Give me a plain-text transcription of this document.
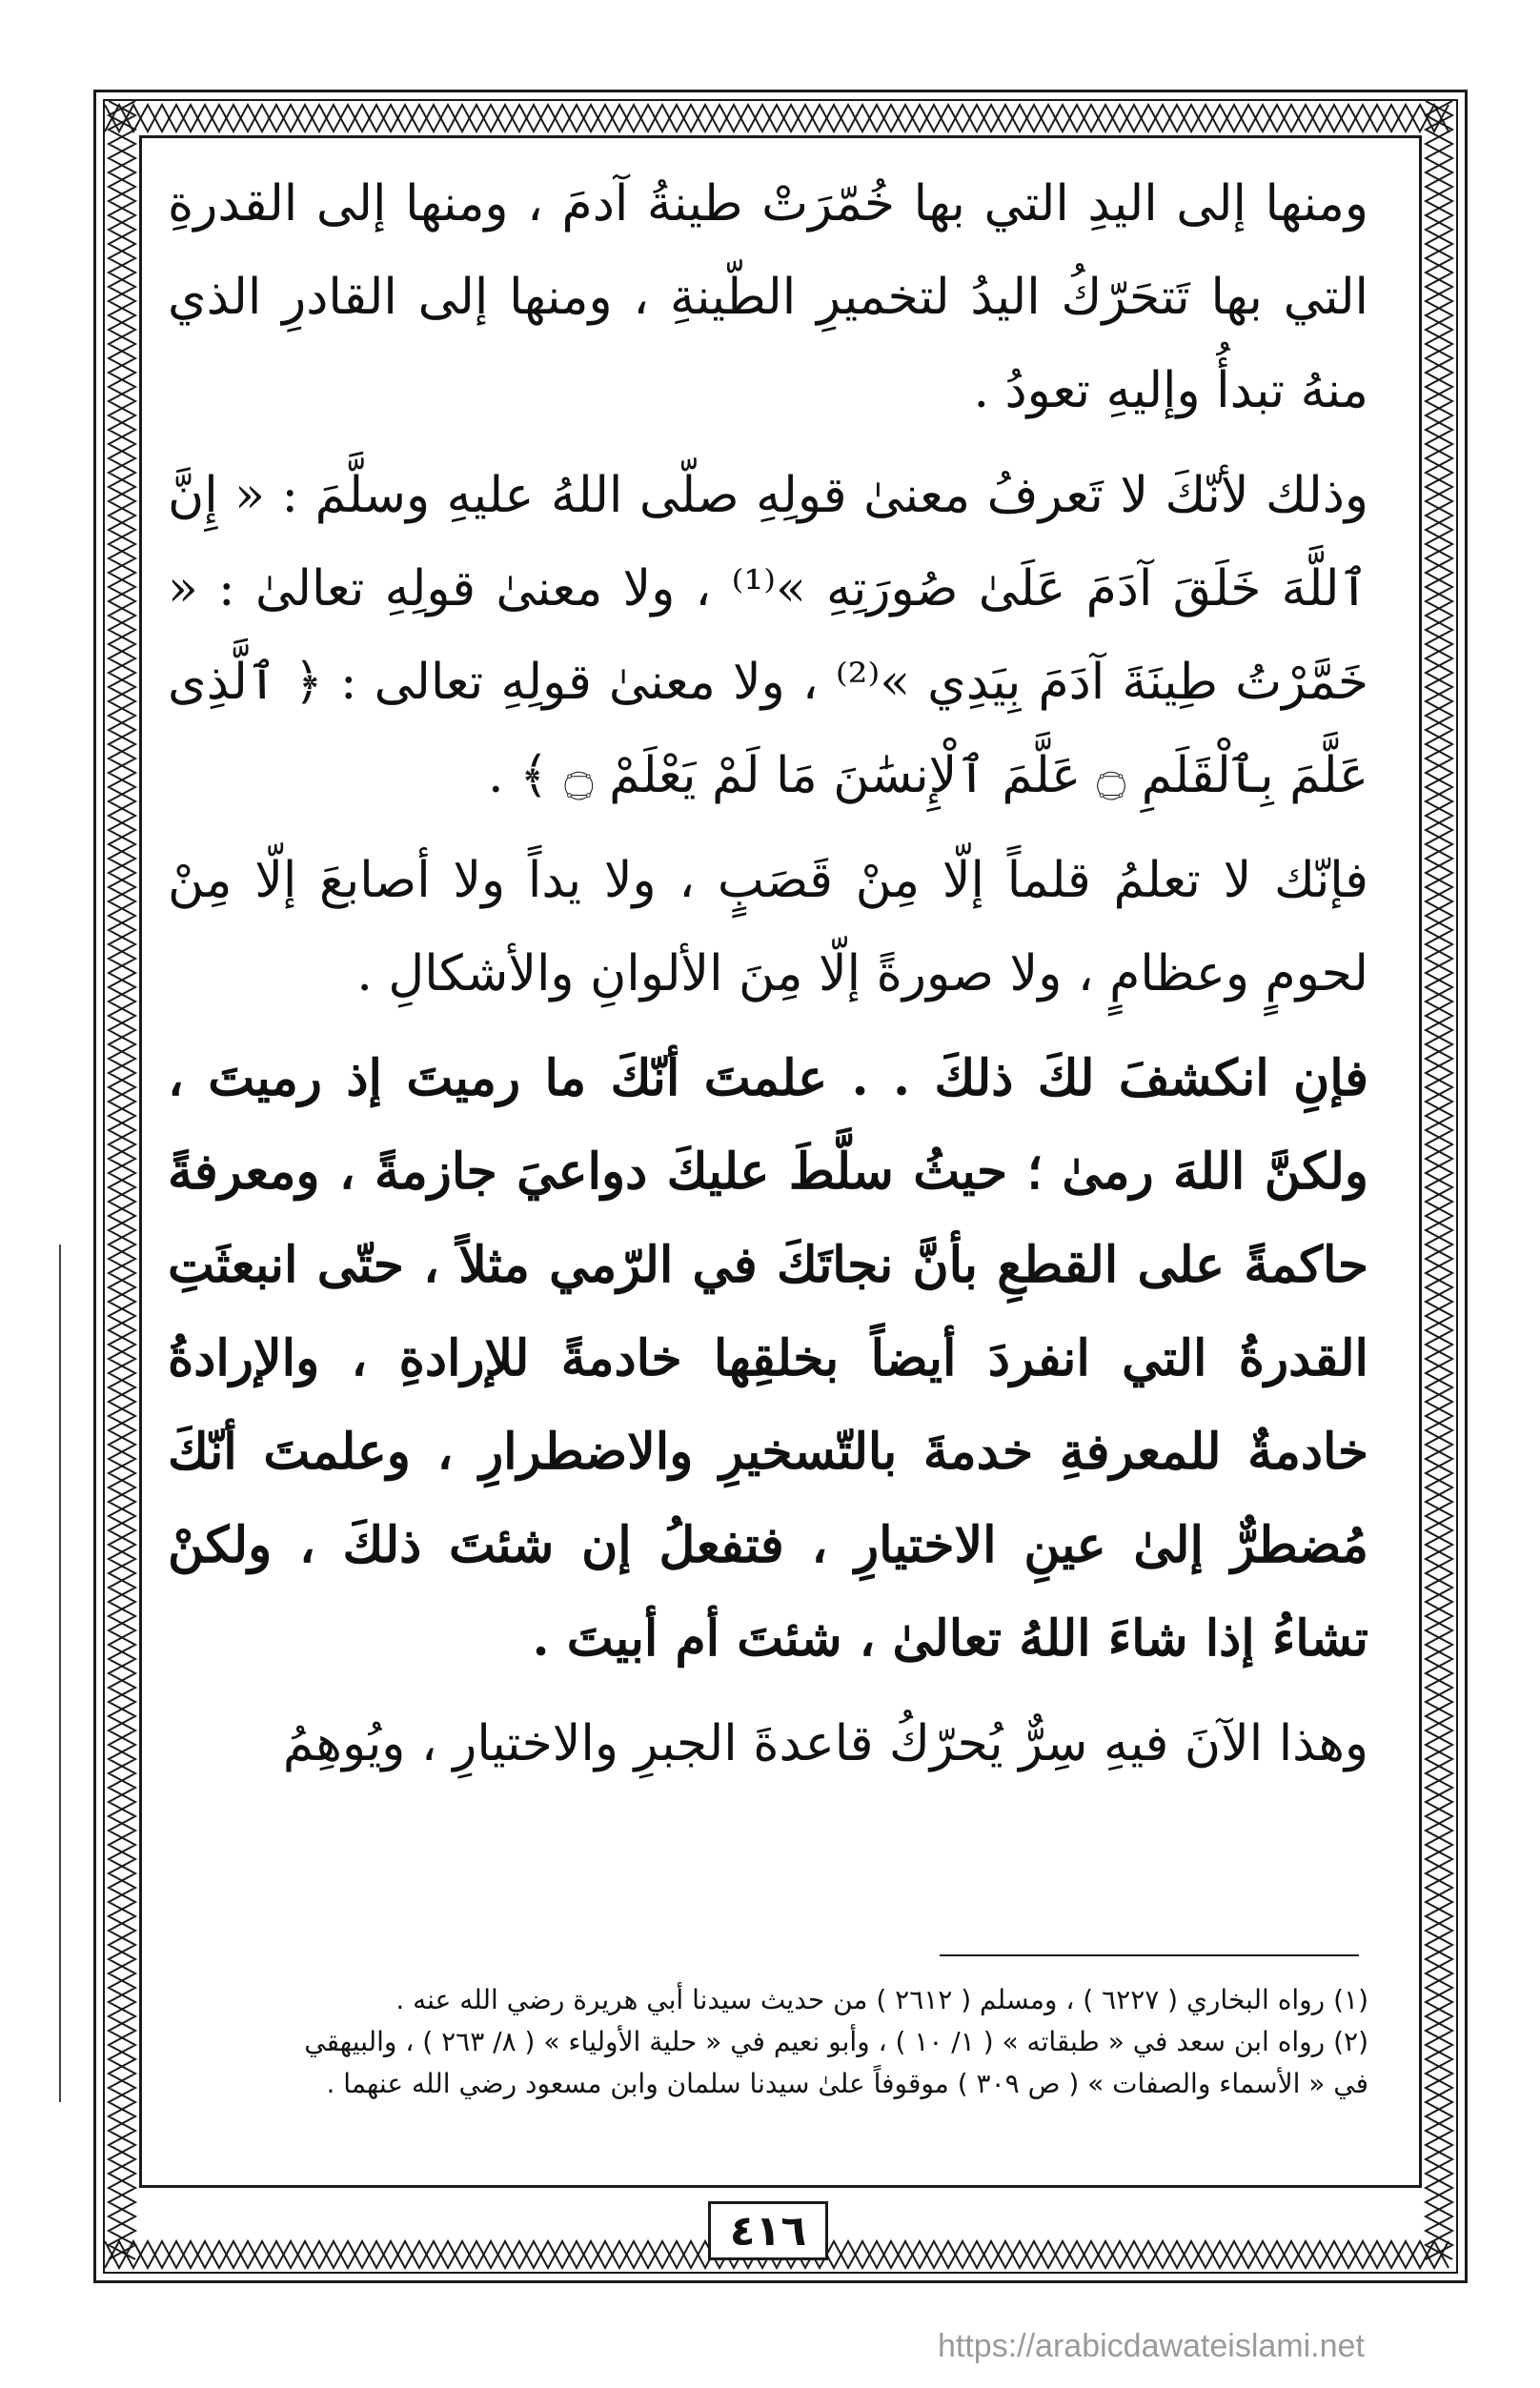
ومنها إلى اليدِ التي بها خُمّرَتْ طينةُ آدمَ ، ومنها إلى القدرةِ التي بها تَتحَرّكُ اليدُ لتخميرِ الطّينةِ ، ومنها إلى القادرِ الذي منهُ تبدأُ وإليهِ تعودُ .

وذلك لأنّكَ لا تَعرفُ معنىٰ قولِهِ صلّى اللهُ عليهِ وسلَّمَ : « إِنَّ ٱللَّهَ خَلَقَ آدَمَ عَلَىٰ صُورَتِهِ »⁽¹⁾ ، ولا معنىٰ قولِهِ تعالىٰ : « خَمَّرْتُ طِينَةَ آدَمَ بِيَدِي »⁽²⁾ ، ولا معنىٰ قولِهِ تعالى : ﴿ ٱلَّذِى عَلَّمَ بِٱلْقَلَمِ ۝ عَلَّمَ ٱلْإِنسَٰنَ مَا لَمْ يَعْلَمْ ۝ ﴾ .

فإنّك لا تعلمُ قلماً إلّا مِنْ قَصَبٍ ، ولا يداً ولا أصابعَ إلّا مِنْ لحومٍ وعظامٍ ، ولا صورةً إلّا مِنَ الألوانِ والأشكالِ .

فإنِ انكشفَ لكَ ذلكَ . . علمتَ أنّكَ ما رميتَ إذ رميتَ ، ولكنَّ اللهَ رمىٰ ؛ حيثُ سلَّطَ عليكَ دواعيَ جازمةً ، ومعرفةً حاكمةً على القطعِ بأنَّ نجاتَكَ في الرّمي مثلاً ، حتّى انبعثَتِ القدرةُ التي انفردَ أيضاً بخلقِها خادمةً للإرادةِ ، والإرادةُ خادمةٌ للمعرفةِ خدمةَ بالتّسخيرِ والاضطرارِ ، وعلمتَ أنّكَ مُضطرٌّ إلىٰ عينِ الاختيارِ ، فتفعلُ إن شئتَ ذلكَ ، ولكنْ تشاءُ إذا شاءَ اللهُ تعالىٰ ، شئتَ أم أبيتَ .

وهذا الآنَ فيهِ سِرٌّ يُحرّكُ قاعدةَ الجبرِ والاختيارِ ، ويُوهِمُ

(١) رواه البخاري ( ٦٢٢٧ ) ، ومسلم ( ٢٦١٢ ) من حديث سيدنا أبي هريرة رضي الله عنه .
(٢) رواه ابن سعد في « طبقاته » ( ١/ ١٠ ) ، وأبو نعيم في « حلية الأولياء » ( ٨/ ٢٦٣ ) ، والبيهقي
في « الأسماء والصفات » ( ص ٣٠٩ ) موقوفاً علىٰ سيدنا سلمان وابن مسعود رضي الله عنهما .
٤١٦
https://arabicdawateislami.net
